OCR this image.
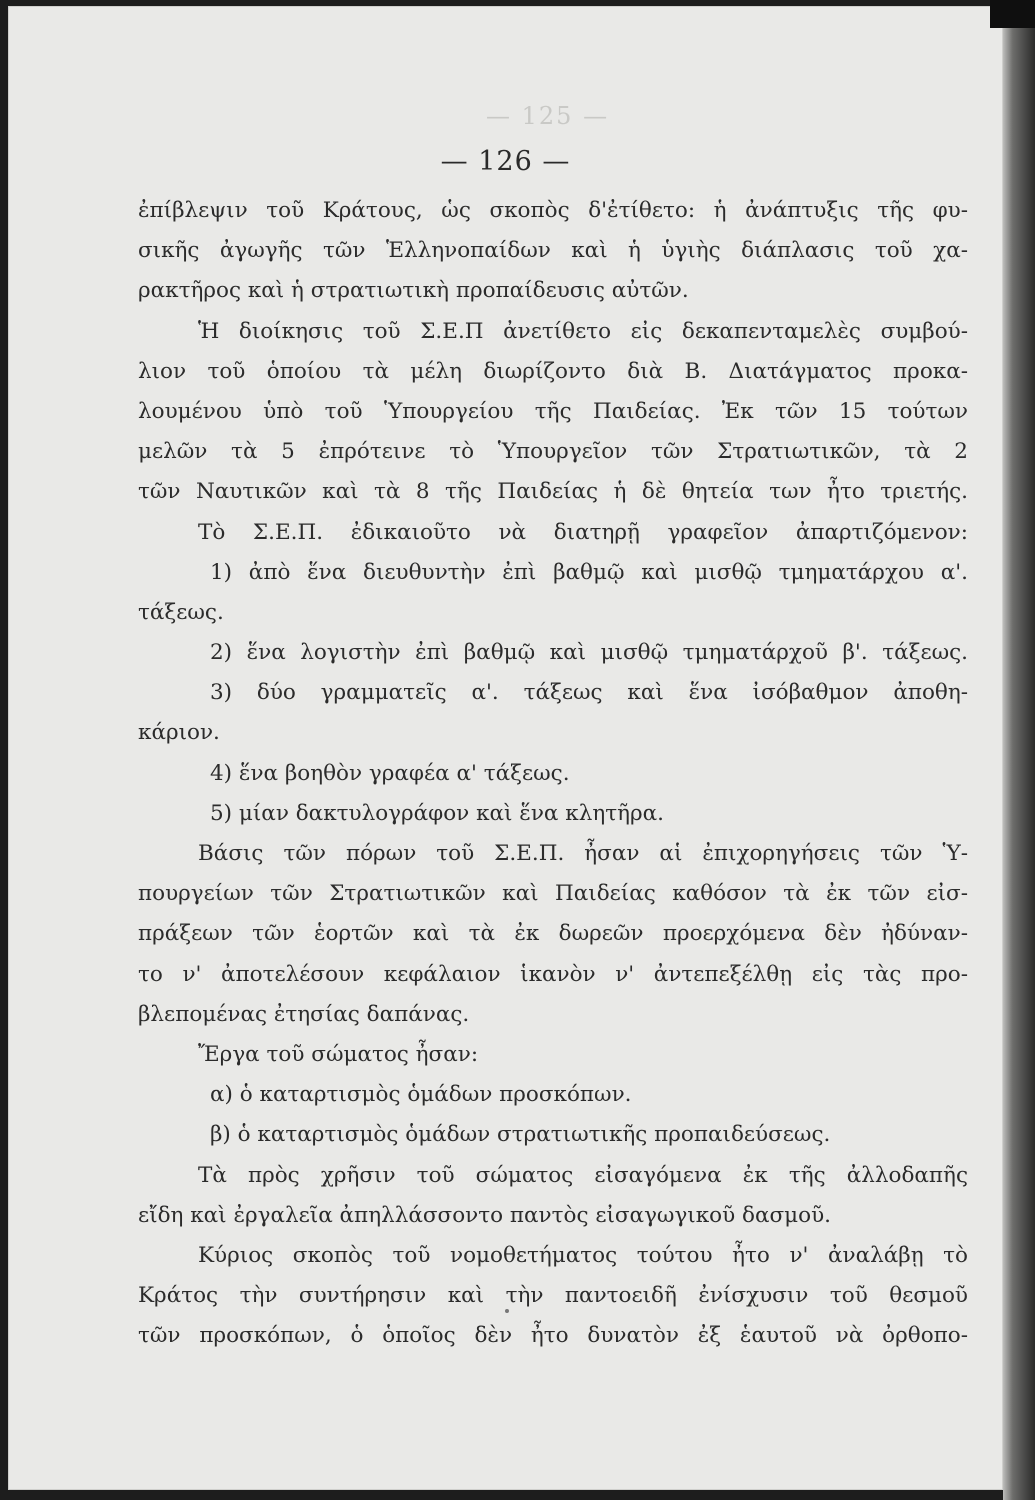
— 125 —
— 126 —
ἐπίβλεψιν τοῦ Κράτους, ὡς σκοπὸς δ'ἐτίθετο: ἡ ἀνάπτυξις τῆς φυ-
σικῆς ἀγωγῆς τῶν Ἑλληνοπαίδων καὶ ἡ ὑγιὴς διάπλασις τοῦ χα-
ρακτῆρος καὶ ἡ στρατιωτικὴ προπαίδευσις αὐτῶν.
Ἡ διοίκησις τοῦ Σ.Ε.Π ἀνετίθετο εἰς δεκαπενταμελὲς συμβού-
λιον τοῦ ὁποίου τὰ μέλη διωρίζοντο διὰ Β. Διατάγματος προκα-
λουμένου ὑπὸ τοῦ Ὑπουργείου τῆς Παιδείας. Ἐκ τῶν 15 τούτων
μελῶν τὰ 5 ἐπρότεινε τὸ Ὑπουργεῖον τῶν Στρατιωτικῶν, τὰ 2
τῶν Ναυτικῶν καὶ τὰ 8 τῆς Παιδείας ἡ δὲ θητεία των ἦτο τριετής.
Τὸ Σ.Ε.Π. ἐδικαιοῦτο νὰ διατηρῇ γραφεῖον ἀπαρτιζόμενον:
1) ἀπὸ ἕνα διευθυντὴν ἐπὶ βαθμῷ καὶ μισθῷ τμηματάρχου α'.
τάξεως.
2) ἕνα λογιστὴν ἐπὶ βαθμῷ καὶ μισθῷ τμηματάρχοῦ β'. τάξεως.
3) δύο γραμματεῖς α'. τάξεως καὶ ἕνα ἰσόβαθμον ἀποθη-
κάριον.
4) ἕνα βοηθὸν γραφέα α' τάξεως.
5) μίαν δακτυλογράφον καὶ ἕνα κλητῆρα.
Βάσις τῶν πόρων τοῦ Σ.Ε.Π. ἦσαν αἱ ἐπιχορηγήσεις τῶν Ὑ-
πουργείων τῶν Στρατιωτικῶν καὶ Παιδείας καθόσον τὰ ἐκ τῶν εἰσ-
πράξεων τῶν ἑορτῶν καὶ τὰ ἐκ δωρεῶν προερχόμενα δὲν ἠδύναν-
το ν' ἀποτελέσουν κεφάλαιον ἱκανὸν ν' ἀντεπεξέλθῃ εἰς τὰς προ-
βλεπομένας ἐτησίας δαπάνας.
Ἔργα τοῦ σώματος ἦσαν:
α) ὁ καταρτισμὸς ὁμάδων προσκόπων.
β) ὁ καταρτισμὸς ὁμάδων στρατιωτικῆς προπαιδεύσεως.
Τὰ πρὸς χρῆσιν τοῦ σώματος εἰσαγόμενα ἐκ τῆς ἀλλοδαπῆς
εἴδη καὶ ἐργαλεῖα ἀπηλλάσσοντο παντὸς εἰσαγωγικοῦ δασμοῦ.
Κύριος σκοπὸς τοῦ νομοθετήματος τούτου ἦτο ν' ἀναλάβῃ τὸ
Κράτος τὴν συντήρησιν καὶ τὴν παντοειδῆ ἐνίσχυσιν τοῦ θεσμοῦ
τῶν προσκόπων, ὁ ὁποῖος δὲν ἦτο δυνατὸν ἐξ ἑαυτοῦ νὰ ὀρθοπο-
